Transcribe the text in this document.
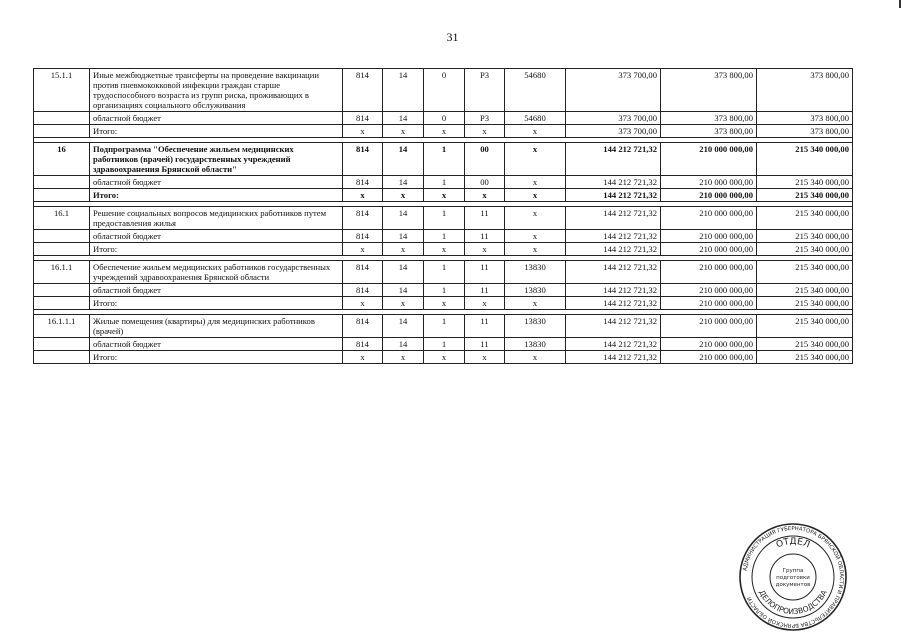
31
15.1.1	Иные межбюджетные трансферты на проведение вакцинации против пневмококковой инфекции граждан старше трудоспособного возраста из групп риска, проживающих в организациях социального обслуживания	814	14	0	P3	54680	373 700,00	373 800,00	373 800,00
	областной бюджет	814	14	0	P3	54680	373 700,00	373 800,00	373 800,00
	Итого:	x	x	x	x	x	373 700,00	373 800,00	373 800,00

16	Подпрограмма "Обеспечение жильем медицинских работников (врачей) государственных учреждений здравоохранения Брянской области"	814	14	1	00	x	144 212 721,32	210 000 000,00	215 340 000,00
	областной бюджет	814	14	1	00	x	144 212 721,32	210 000 000,00	215 340 000,00
	Итого:	x	x	x	x	x	144 212 721,32	210 000 000,00	215 340 000,00

16.1	Решение социальных вопросов медицинских работников путем предоставления жилья	814	14	1	11	x	144 212 721,32	210 000 000,00	215 340 000,00
	областной бюджет	814	14	1	11	x	144 212 721,32	210 000 000,00	215 340 000,00
	Итого:	x	x	x	x	x	144 212 721,32	210 000 000,00	215 340 000,00

16.1.1	Обеспечение жильем медицинских работников государственных учреждений здравоохранения Брянской области	814	14	1	11	13830	144 212 721,32	210 000 000,00	215 340 000,00
	областной бюджет	814	14	1	11	13830	144 212 721,32	210 000 000,00	215 340 000,00
	Итого:	x	x	x	x	x	144 212 721,32	210 000 000,00	215 340 000,00

16.1.1.1	Жилые помещения (квартиры) для медицинских работников (врачей)	814	14	1	11	13830	144 212 721,32	210 000 000,00	215 340 000,00
	областной бюджет	814	14	1	11	13830	144 212 721,32	210 000 000,00	215 340 000,00
	Итого:	x	x	x	x	x	144 212 721,32	210 000 000,00	215 340 000,00
АДМИНИСТРАЦИЯ ГУБЕРНАТОРА БРЯНСКОЙ ОБЛАСТИ И ПРАВИТЕЛЬСТВА БРЯНСКОЙ ОБЛАСТИ
ОТДЕЛ
ДЕЛОПРОИЗВОДСТВА
Группа
подготовки
документов
